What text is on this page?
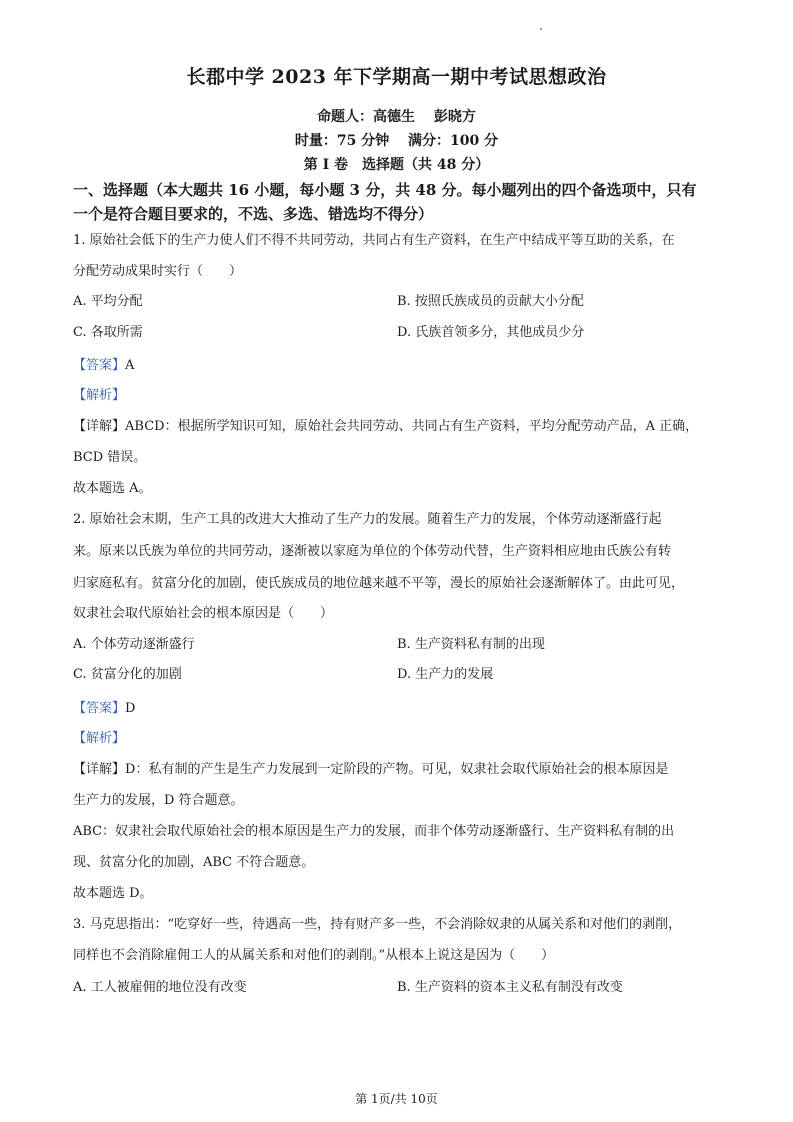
长郡中学 2023 年下学期高一期中考试思想政治
命题人：高德生　 彭晓方
时量：75 分钟　 满分：100 分
第 I 卷　选择题（共 48 分）
一、选择题（本大题共 16 小题，每小题 3 分，共 48 分。每小题列出的四个备选项中，只有
一个是符合题目要求的，不选、多选、错选均不得分）
1. 原始社会低下的生产力使人们不得不共同劳动，共同占有生产资料，在生产中结成平等互助的关系，在
分配劳动成果时实行（　　）
A. 平均分配	B. 按照氏族成员的贡献大小分配
C. 各取所需	D. 氏族首领多分，其他成员少分
【答案】A
【解析】
【详解】ABCD：根据所学知识可知，原始社会共同劳动、共同占有生产资料，平均分配劳动产品，A 正确，
BCD 错误。
故本题选 A。
2. 原始社会末期，生产工具的改进大大推动了生产力的发展。随着生产力的发展，个体劳动逐渐盛行起
来。原来以氏族为单位的共同劳动，逐渐被以家庭为单位的个体劳动代替，生产资料相应地由氏族公有转
归家庭私有。贫富分化的加剧，使氏族成员的地位越来越不平等，漫长的原始社会逐渐解体了。由此可见，
奴隶社会取代原始社会的根本原因是（　　）
A. 个体劳动逐渐盛行	B. 生产资料私有制的出现
C. 贫富分化的加剧	D. 生产力的发展
【答案】D
【解析】
【详解】D：私有制的产生是生产力发展到一定阶段的产物。可见，奴隶社会取代原始社会的根本原因是
生产力的发展，D 符合题意。
ABC：奴隶社会取代原始社会的根本原因是生产力的发展，而非个体劳动逐渐盛行、生产资料私有制的出
现、贫富分化的加剧，ABC 不符合题意。
故本题选 D。
3. 马克思指出：“吃穿好一些，待遇高一些，持有财产多一些，不会消除奴隶的从属关系和对他们的剥削，
同样也不会消除雇佣工人的从属关系和对他们的剥削。”从根本上说这是因为（　　）
A. 工人被雇佣的地位没有改变	B. 生产资料的资本主义私有制没有改变
第 1页/共 10页
